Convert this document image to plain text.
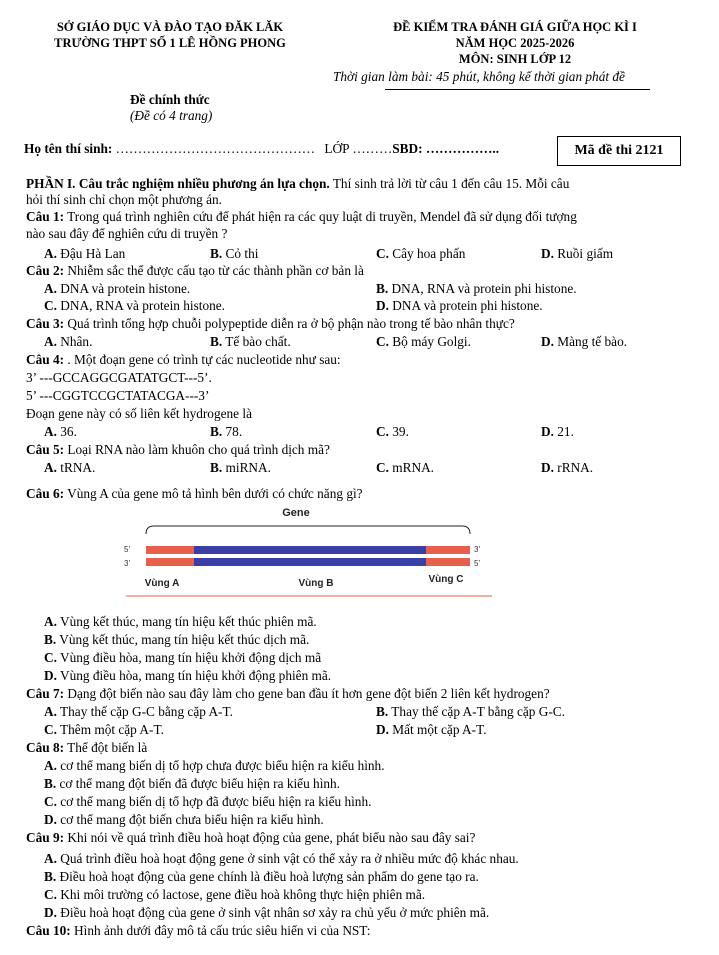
SỞ GIÁO DỤC VÀ ĐÀO TẠO ĐĂK LĂK
TRƯỜNG THPT SỐ 1 LÊ HỒNG PHONG
ĐỀ KIỂM TRA ĐÁNH GIÁ GIỮA HỌC KÌ I
NĂM HỌC 2025-2026
MÔN: SINH LỚP 12
Thời gian làm bài: 45 phút, không kể thời gian phát đề
Đề chính thức
(Đề có 4 trang)
Họ tên thí sinh: ……………………………………… LỚP ………SBD: ……………..	Mã đề thi 2121
PHẦN I. Câu trắc nghiệm nhiều phương án lựa chọn. Thí sinh trả lời từ câu 1 đến câu 15. Mỗi câu
hỏi thí sinh chỉ chọn một phương án.
Câu 1: Trong quá trình nghiên cứu để phát hiện ra các quy luật di truyền, Mendel đã sử dụng đối tượng
nào sau đây để nghiên cứu di truyền ?
A. Đậu Hà Lan	B. Cỏ thi	C. Cây hoa phấn	D. Ruồi giấm
Câu 2: Nhiễm sắc thể được cấu tạo từ các thành phần cơ bản là
A. DNA và protein histone.	B. DNA, RNA và protein phi histone.
C. DNA, RNA và protein histone.	D. DNA và protein phi histone.
Câu 3: Quá trình tổng hợp chuỗi polypeptide diễn ra ở bộ phận nào trong tế bào nhân thực?
A. Nhân.	B. Tế bào chất.	C. Bộ máy Golgi.	D. Màng tế bào.
Câu 4: . Một đoạn gene có trình tự các nucleotide như sau:
3’ ---GCCAGGCGATATGCT---5’.
5’ ---CGGTCCGCTATACGA---3’
Đoạn gene này có số liên kết hydrogene là
A. 36.	B. 78.	C. 39.	D. 21.
Câu 5: Loại RNA nào làm khuôn cho quá trình dịch mã?
A. tRNA.	B. miRNA.	C. mRNA.	D. rRNA.
Câu 6: Vùng A của gene mô tả hình bên dưới có chức năng gì?
Gene
5’
3’
3’
5’
Vùng A	Vùng B	Vùng C
A. Vùng kết thúc, mang tín hiệu kết thúc phiên mã.
B. Vùng kết thúc, mang tín hiệu kết thúc dịch mã.
C. Vùng điều hòa, mang tín hiệu khởi động dịch mã
D. Vùng điều hòa, mang tín hiệu khởi động phiên mã.
Câu 7: Dạng đột biến nào sau đây làm cho gene ban đầu ít hơn gene đột biến 2 liên kết hydrogen?
A. Thay thế cặp G-C bằng cặp A-T.	B. Thay thế cặp A-T bằng cặp G-C.
C. Thêm một cặp A-T.	D. Mất một cặp A-T.
Câu 8: Thể đột biến là
A. cơ thể mang biến dị tổ hợp chưa được biểu hiện ra kiểu hình.
B. cơ thể mang đột biến đã được biểu hiện ra kiểu hình.
C. cơ thể mang biến dị tổ hợp đã được biểu hiện ra kiểu hình.
D. cơ thể mang đột biến chưa biểu hiện ra kiểu hình.
Câu 9: Khi nói về quá trình điều hoà hoạt động của gene, phát biểu nào sau đây sai?
A. Quá trình điều hoà hoạt động gene ở sinh vật có thể xảy ra ở nhiều mức độ khác nhau.
B. Điều hoà hoạt động của gene chính là điều hoà lượng sản phẩm do gene tạo ra.
C. Khi môi trường có lactose, gene điều hoà không thực hiện phiên mã.
D. Điều hoà hoạt động của gene ở sinh vật nhân sơ xảy ra chủ yếu ở mức phiên mã.
Câu 10: Hình ảnh dưới đây mô tả cấu trúc siêu hiển vi của NST:
